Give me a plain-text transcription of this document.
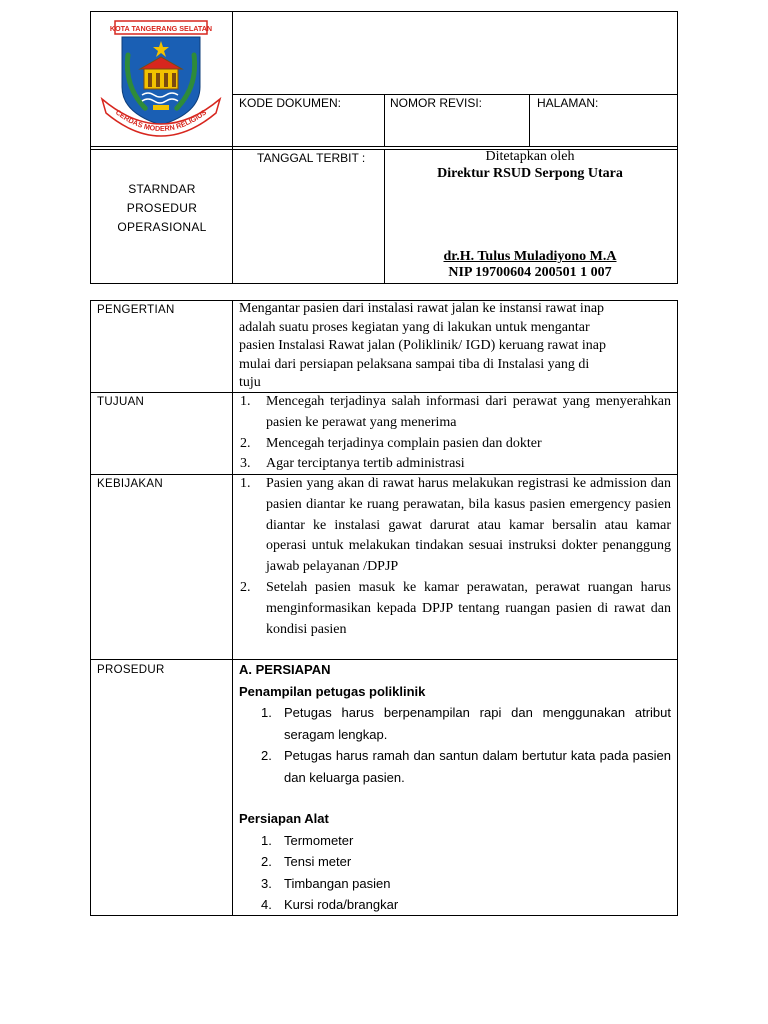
KOTA TANGERANG SELATAN
CERDAS MODERN RELIGIUS
KODE DOKUMEN:	NOMOR REVISI:	HALAMAN:
STARNDAR PROSEDUR
OPERASIONAL
TANGGAL TERBIT :	Ditetapkan oleh
Direktur RSUD Serpong Utara
dr.H. Tulus Muladiyono M.A
NIP 19700604 200501 1 007
PENGERTIAN	Mengantar pasien dari instalasi rawat jalan ke instansi rawat inap
adalah suatu proses kegiatan yang di lakukan untuk mengantar
pasien Instalasi Rawat jalan (Poliklinik/ IGD) keruang rawat inap
mulai dari persiapan pelaksana sampai tiba di Instalasi yang di
tuju
TUJUAN	1. Mencegah terjadinya salah informasi dari perawat yang menyerahkan pasien ke perawat yang menerima
2. Mencegah terjadinya complain pasien dan dokter
3. Agar terciptanya tertib administrasi
KEBIJAKAN	1. Pasien yang akan di rawat harus melakukan registrasi ke admission dan pasien diantar ke ruang perawatan, bila kasus pasien emergency pasien diantar ke instalasi gawat darurat atau kamar bersalin atau kamar operasi untuk melakukan tindakan sesuai instruksi dokter penanggung jawab pelayanan /DPJP
2. Setelah pasien masuk ke kamar perawatan, perawat ruangan harus menginformasikan kepada DPJP tentang ruangan pasien di rawat dan kondisi pasien
PROSEDUR	A. PERSIAPAN
Penampilan petugas poliklinik
1. Petugas harus berpenampilan rapi dan menggunakan atribut seragam lengkap.
2. Petugas harus ramah dan santun dalam bertutur kata pada pasien dan keluarga pasien.
Persiapan Alat
1. Termometer
2. Tensi meter
3. Timbangan pasien
4. Kursi roda/brangkar
